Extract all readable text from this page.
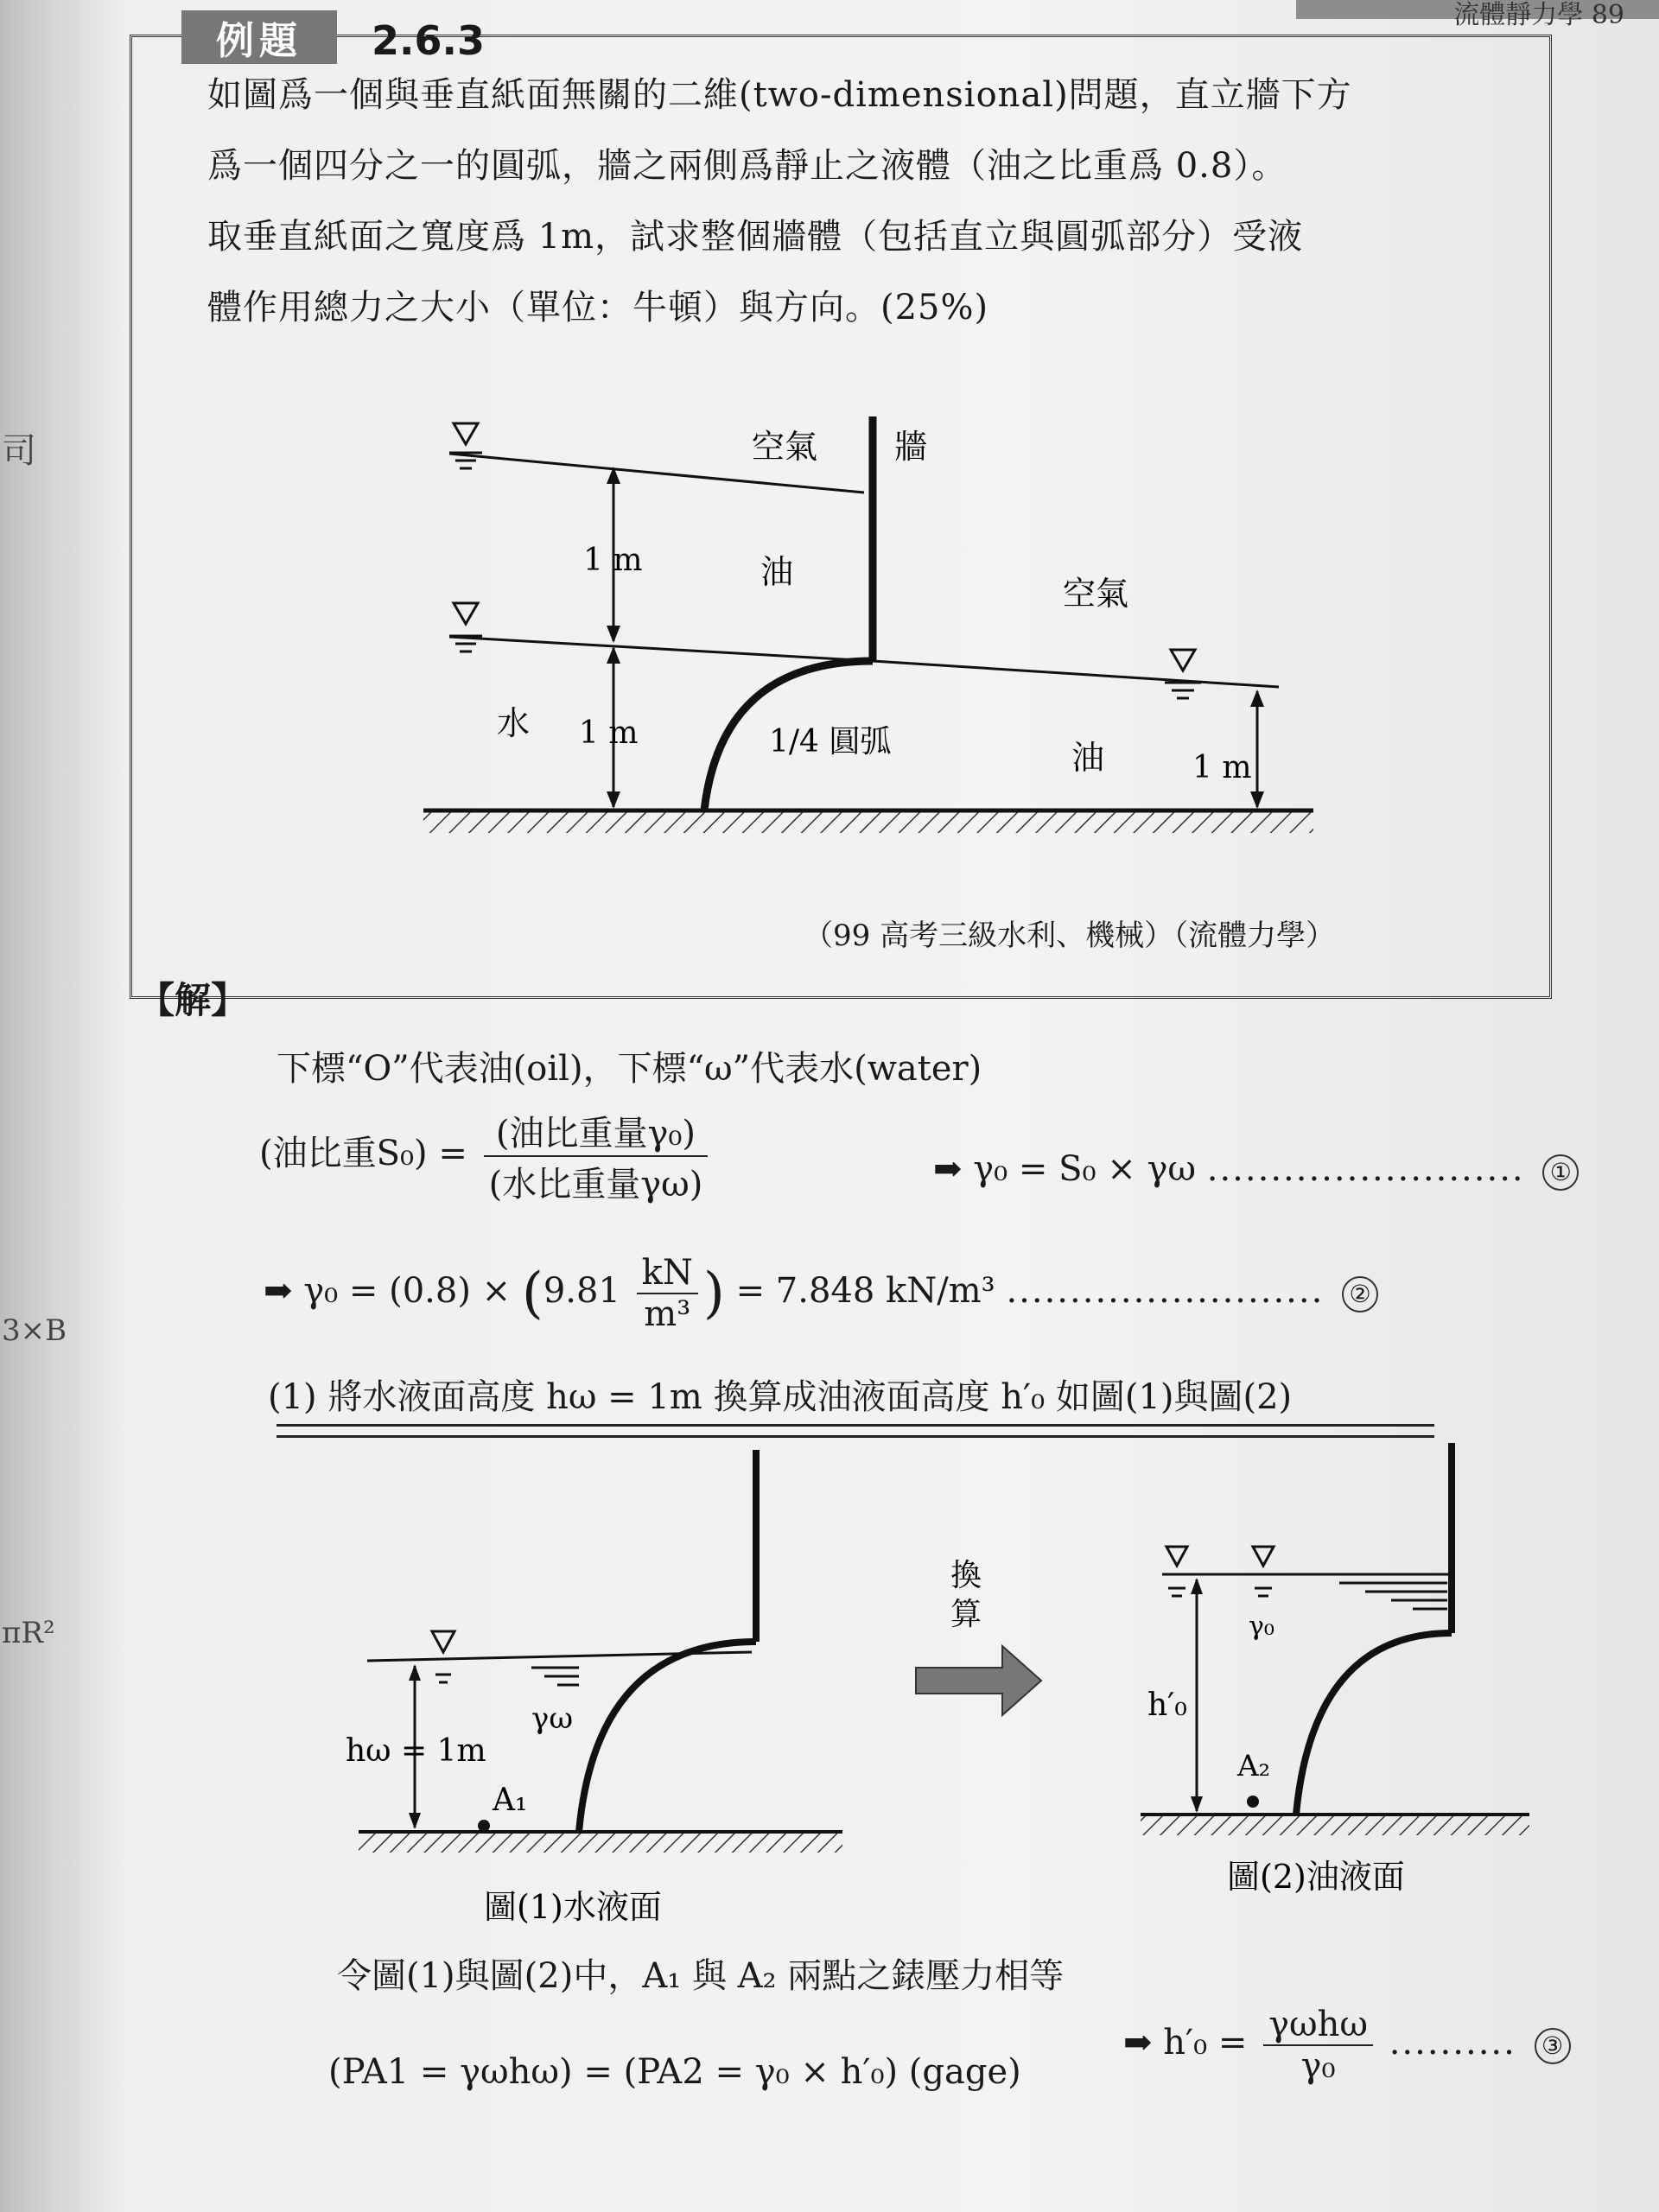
司
3×B
πR²
流體靜力學 89
例題	2.6.3
如圖爲一個與垂直紙面無關的二維(two-dimensional)問題，直立牆下方
爲一個四分之一的圓弧，牆之兩側爲靜止之液體（油之比重爲 0.8）。
取垂直紙面之寬度爲 1m，試求整個牆體（包括直立與圓弧部分）受液
體作用總力之大小（單位：牛頓）與方向。(25%)
空氣 牆
油
1 m
空氣
水 1 m	1/4 圓弧	油	1 m
（99 高考三級水利、機械）（流體力學）
【解】
下標“O”代表油(oil)，下標“ω”代表水(water)
(油比重$S_0) = \frac{\text{(油比重量γ₀)}}{\text{(水比重量γω)}}$	➡ γ₀ = S₀ × γω ......................... ①
➡ $\gamma_0 = (0.8) \times (9.81 \frac{kN}{\text{m³}}$ ) = 7.848 kN/m³ ......................... ②
(1) 將水液面高度 hω = 1m 換算成油液面高度 h′₀ 如圖(1)與圖(2)
γω
hω = 1m
A₁
圖(1)水液面
換
算	γ₀
h′₀
A₂
圖(2)油液面
令圖(1)與圖(2)中，A₁ 與 A₂ 兩點之錶壓力相等
(PA1 = γωhω) = (PA2 = γ₀ × h′₀) (gage)
➡ $h'_0 = \frac{\text{γωhω}}{\text{γ₀}}$ .......... ③
